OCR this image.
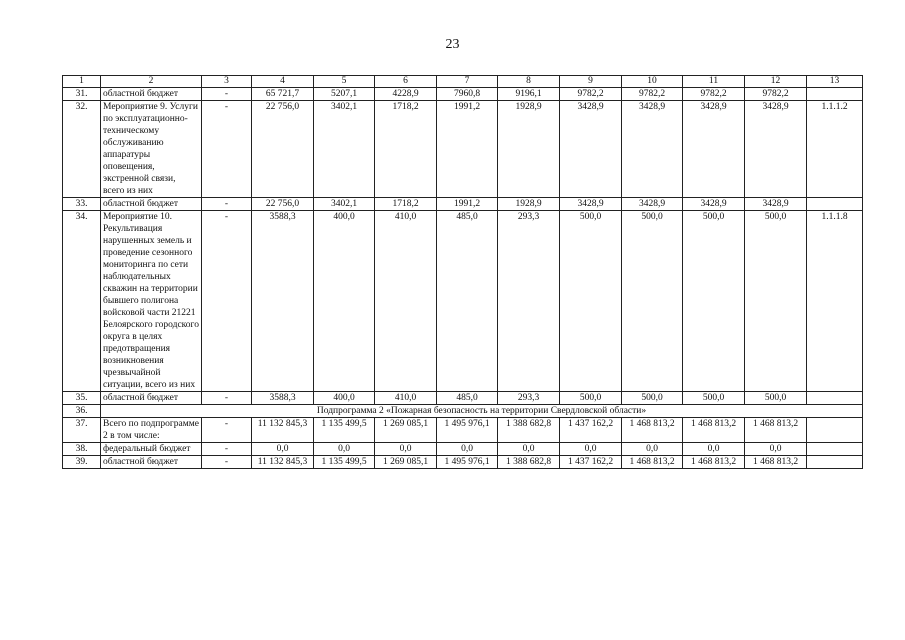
23
1	2	3	4	5	6	7	8	9	10	11	12	13
31.	областной бюджет	-	65 721,7	5207,1	4228,9	7960,8	9196,1	9782,2	9782,2	9782,2	9782,2	
32.	Мероприятие 9. Услуги по эксплуатационно-техническому обслуживанию аппаратуры оповещения, экстренной связи, всего из них	-	22 756,0	3402,1	1718,2	1991,2	1928,9	3428,9	3428,9	3428,9	3428,9	1.1.1.2
33.	областной бюджет	-	22 756,0	3402,1	1718,2	1991,2	1928,9	3428,9	3428,9	3428,9	3428,9	
34.	Мероприятие 10. Рекультивация нарушенных земель и проведение сезонного мониторинга по сети наблюдательных скважин на территории бывшего полигона войсковой части 21221 Белоярского городского округа в целях предотвращения возникновения чрезвычайной ситуации, всего из них	-	3588,3	400,0	410,0	485,0	293,3	500,0	500,0	500,0	500,0	1.1.1.8
35.	областной бюджет	-	3588,3	400,0	410,0	485,0	293,3	500,0	500,0	500,0	500,0	
36.	Подпрограмма 2 «Пожарная безопасность на территории Свердловской области»											
37.	Всего по подпрограмме 2 в том числе:	-	11 132 845,3	1 135 499,5	1 269 085,1	1 495 976,1	1 388 682,8	1 437 162,2	1 468 813,2	1 468 813,2	1 468 813,2	
38.	федеральный бюджет	-	0,0	0,0	0,0	0,0	0,0	0,0	0,0	0,0	0,0	
39.	областной бюджет	-	11 132 845,3	1 135 499,5	1 269 085,1	1 495 976,1	1 388 682,8	1 437 162,2	1 468 813,2	1 468 813,2	1 468 813,2	
